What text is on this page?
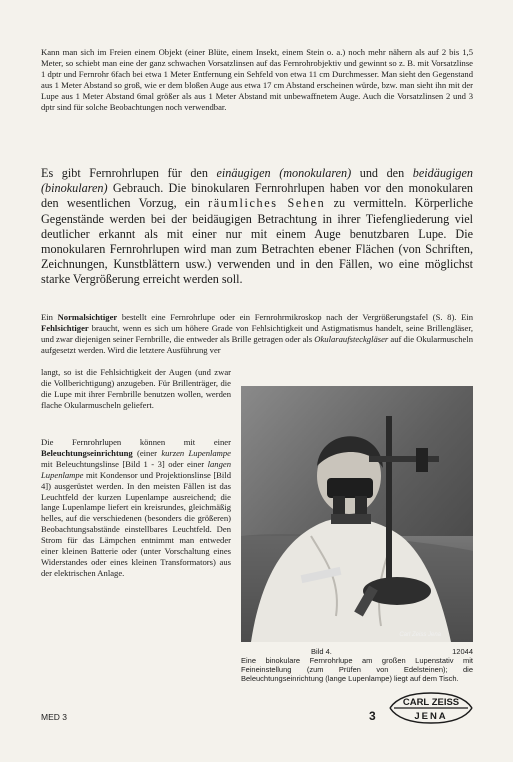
Kann man sich im Freien einem Objekt (einer Blüte, einem Insekt, einem Stein o. a.) noch mehr nähern als auf 2 bis 1,5 Meter, so schiebt man eine der ganz schwachen Vorsatzlinsen auf das Fernrohrobjektiv und gewinnt so z. B. mit Vorsatzlinse 1 dptr und Fernrohr 6fach bei etwa 1 Meter Entfernung ein Sehfeld von etwa 11 cm Durchmesser. Man sieht den Gegenstand aus 1 Meter Abstand so groß, wie er dem bloßen Auge aus etwa 17 cm Abstand erscheinen würde, bzw. man sieht ihn mit der Lupe aus 1 Meter Abstand 6mal größer als aus 1 Meter Abstand mit unbewaffnetem Auge. Auch die Vorsatzlinsen 2 und 3 dptr sind für solche Beobachtungen noch verwendbar.

Es gibt Fernrohrlupen für den einäugigen (monokularen) und den beidäugigen (binokularen) Gebrauch. Die binokularen Fernrohrlupen haben vor den monokularen den wesentlichen Vorzug, ein räumliches Sehen zu vermitteln. Körperliche Gegenstände werden bei der beidäugigen Betrachtung in ihrer Tiefengliederung viel deutlicher erkannt als mit einer nur mit einem Auge benutzbaren Lupe. Die monokularen Fernrohrlupen wird man zum Betrachten ebener Flächen (von Schriften, Zeichnungen, Kunstblättern usw.) verwenden und in den Fällen, wo eine möglichst starke Vergrößerung erreicht werden soll.

Ein Normalsichtiger bestellt eine Fernrohrlupe oder ein Fernrohrmikroskop nach der Vergrößerungstafel (S. 8). Ein Fehlsichtiger braucht, wenn es sich um höhere Grade von Fehlsichtigkeit und Astigmatismus handelt, seine Brillengläser, und zwar diejenigen seiner Fernbrille, die entweder als Brille getragen oder als Okularaufsteckgläser auf die Okularmuscheln aufgesetzt werden. Wird die letztere Ausführung ver

langt, so ist die Fehlsichtigkeit der Augen (und zwar die Vollberichtigung) anzugeben. Für Brillenträger, die die Lupe mit ihrer Fernbrille benutzen wollen, werden flache Okularmuscheln geliefert.

Die Fernrohrlupen können mit einer Beleuchtungseinrichtung (einer kurzen Lupenlampe mit Beleuchtungslinse [Bild 1 - 3] oder einer langen Lupenlampe mit Kondensor und Projektionslinse [Bild 4]) ausgerüstet werden. In den meisten Fällen ist das Leuchtfeld der kurzen Lupenlampe ausreichend; die lange Lupenlampe liefert ein kreisrundes, gleichmäßig helles, auf die verschiedenen (besonders die größeren) Beobachtungsabstände einstellbares Leuchtfeld. Den Strom für das Lämpchen entnimmt man entweder einer kleinen Batterie oder (unter Vorschaltung eines Widerstandes oder eines kleinen Transformators) aus der elektrischen Anlage.

Carl Zeiss Jena
Bild 4.	12044

Eine binokulare Fernrohrlupe am großen Lupenstativ mit Feineinstellung (zum Prüfen von Edelsteinen); die Beleuchtungseinrichtung (lange Lupenlampe) liegt auf dem Tisch.

MED 3	3
CARL ZEISS
JENA
